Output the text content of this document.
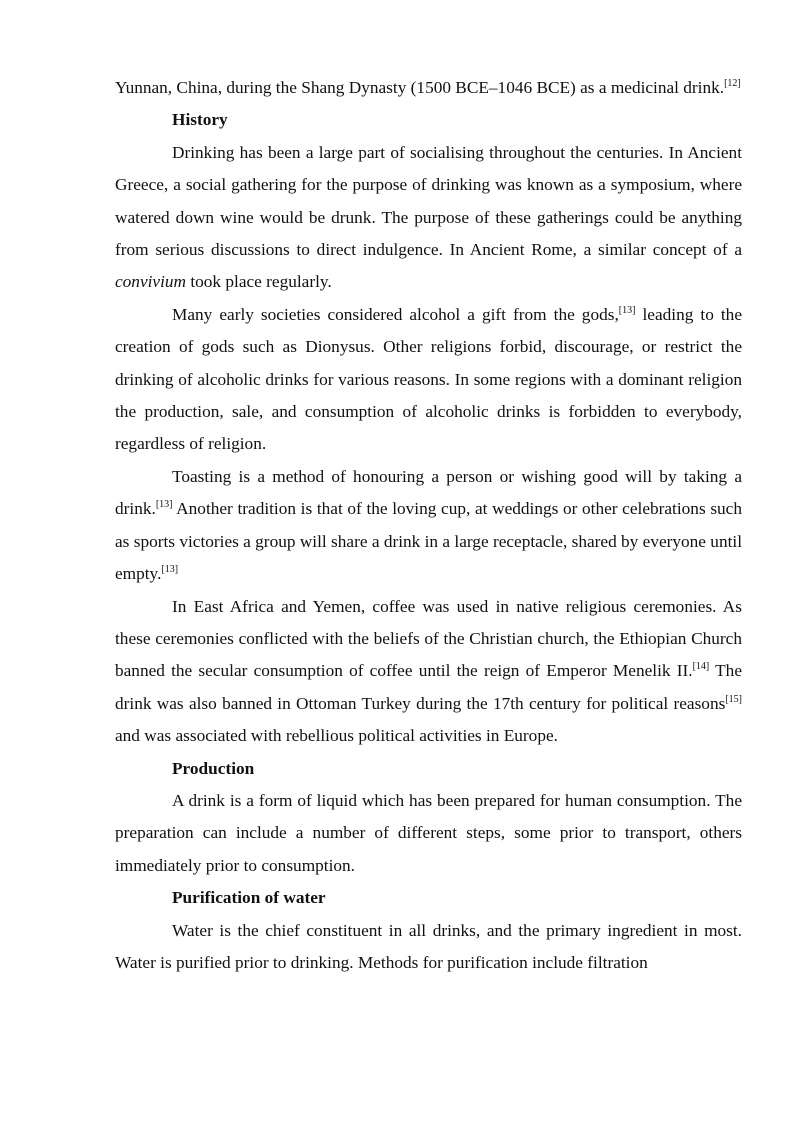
Yunnan, China, during the Shang Dynasty (1500 BCE–1046 BCE) as a medicinal drink.[12]

History

Drinking has been a large part of socialising throughout the centuries. In Ancient Greece, a social gathering for the purpose of drinking was known as a symposium, where watered down wine would be drunk. The purpose of these gatherings could be anything from serious discussions to direct indulgence. In Ancient Rome, a similar concept of a convivium took place regularly.

Many early societies considered alcohol a gift from the gods,[13] leading to the creation of gods such as Dionysus. Other religions forbid, discourage, or restrict the drinking of alcoholic drinks for various reasons. In some regions with a dominant religion the production, sale, and consumption of alcoholic drinks is forbidden to everybody, regardless of religion.

Toasting is a method of honouring a person or wishing good will by taking a drink.[13] Another tradition is that of the loving cup, at weddings or other celebrations such as sports victories a group will share a drink in a large receptacle, shared by everyone until empty.[13]

In East Africa and Yemen, coffee was used in native religious ceremonies. As these ceremonies conflicted with the beliefs of the Christian church, the Ethiopian Church banned the secular consumption of coffee until the reign of Emperor Menelik II.[14] The drink was also banned in Ottoman Turkey during the 17th century for political reasons[15] and was associated with rebellious political activities in Europe.

Production

A drink is a form of liquid which has been prepared for human consumption. The preparation can include a number of different steps, some prior to transport, others immediately prior to consumption.

Purification of water

Water is the chief constituent in all drinks, and the primary ingredient in most. Water is purified prior to drinking. Methods for purification include filtration
